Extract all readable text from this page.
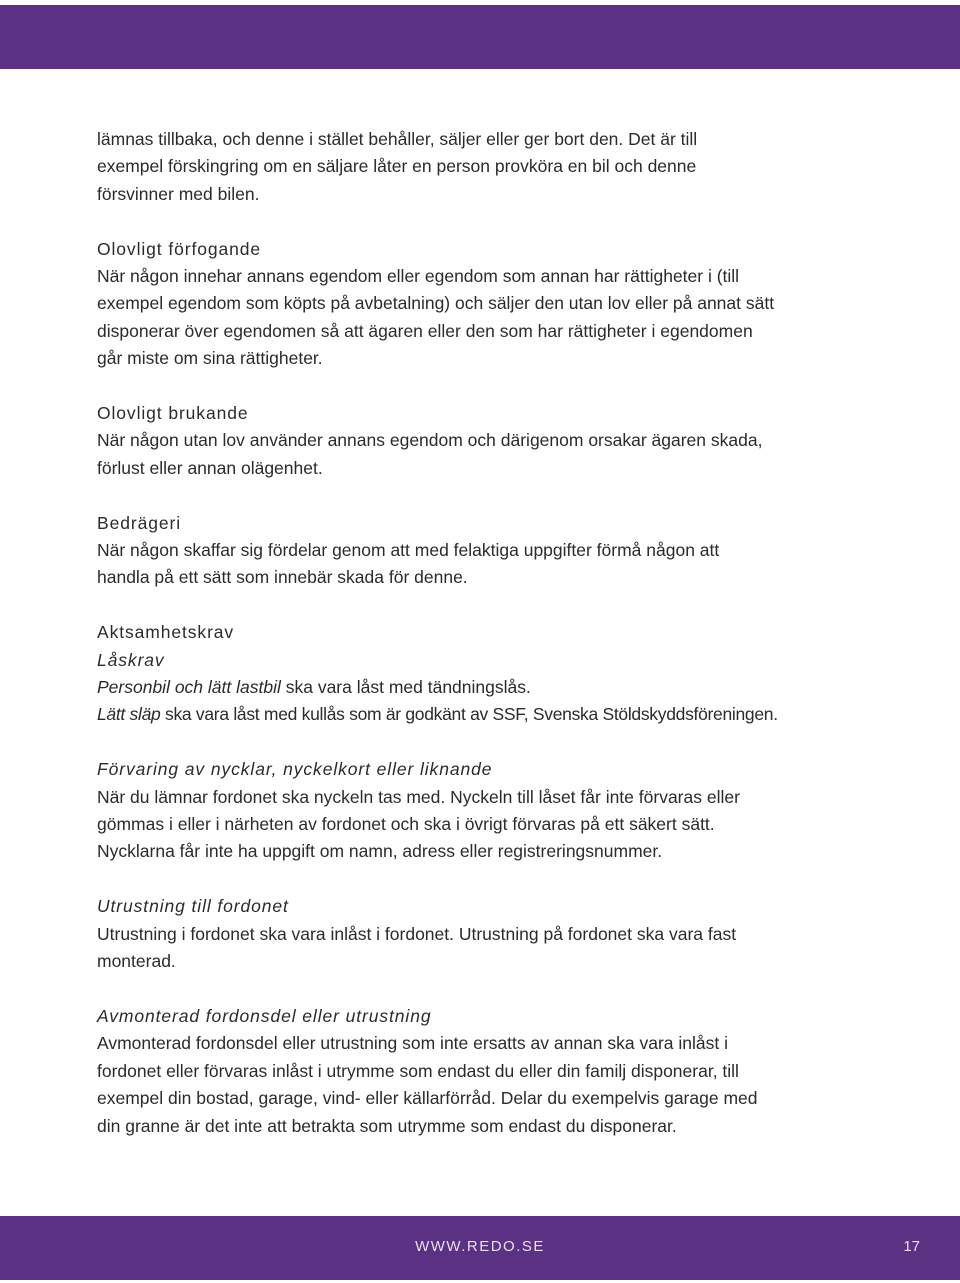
lämnas tillbaka, och denne i stället behåller, säljer eller ger bort den. Det är till

exempel förskingring om en säljare låter en person provköra en bil och denne

försvinner med bilen.

Olovligt förfogande

När någon innehar annans egendom eller egendom som annan har rättigheter i (till

exempel egendom som köpts på avbetalning) och säljer den utan lov eller på annat sätt

disponerar över egendomen så att ägaren eller den som har rättigheter i egendomen

går miste om sina rättigheter.

Olovligt brukande

När någon utan lov använder annans egendom och därigenom orsakar ägaren skada,

förlust eller annan olägenhet.

Bedrägeri

När någon skaffar sig fördelar genom att med felaktiga uppgifter förmå någon att

handla på ett sätt som innebär skada för denne.

Aktsamhetskrav

Låskrav

Personbil och lätt lastbil ska vara låst med tändningslås.

Lätt släp ska vara låst med kullås som är godkänt av SSF, Svenska Stöldskyddsföreningen.

Förvaring av nycklar, nyckelkort eller liknande

När du lämnar fordonet ska nyckeln tas med. Nyckeln till låset får inte förvaras eller

gömmas i eller i närheten av fordonet och ska i övrigt förvaras på ett säkert sätt.

Nycklarna får inte ha uppgift om namn, adress eller registreringsnummer.

Utrustning till fordonet

Utrustning i fordonet ska vara inlåst i fordonet. Utrustning på fordonet ska vara fast

monterad.

Avmonterad fordonsdel eller utrustning

Avmonterad fordonsdel eller utrustning som inte ersatts av annan ska vara inlåst i

fordonet eller förvaras inlåst i utrymme som endast du eller din familj disponerar, till

exempel din bostad, garage, vind- eller källarförråd. Delar du exempelvis garage med

din granne är det inte att betrakta som utrymme som endast du disponerar.

WWW.REDO.SE	17
